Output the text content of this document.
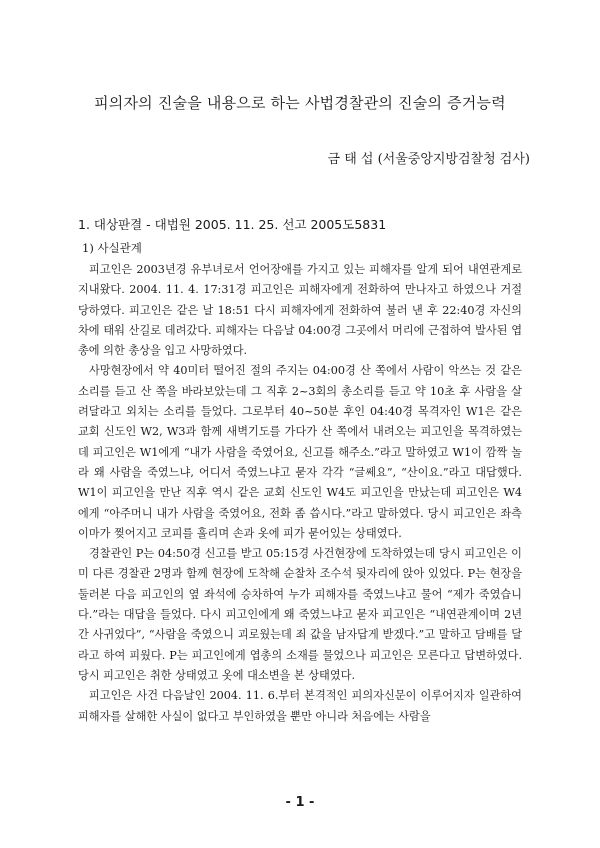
피의자의 진술을 내용으로 하는 사법경찰관의 진술의 증거능력

금 태 섭 (서울중앙지방검찰청 검사)

1. 대상판결 - 대법원 2005. 11. 25. 선고 2005도5831
1) 사실관계

피고인은 2003년경 유부녀로서 언어장애를 가지고 있는 피해자를 알게 되어 내연관계로 지내왔다. 2004. 11. 4. 17:31경 피고인은 피해자에게 전화하여 만나자고 하였으나 거절당하였다. 피고인은 같은 날 18:51 다시 피해자에게 전화하여 불러 낸 후 22:40경 자신의 차에 태워 산길로 데려갔다. 피해자는 다음날 04:00경 그곳에서 머리에 근접하여 발사된 엽총에 의한 총상을 입고 사망하였다.

사망현장에서 약 40미터 떨어진 절의 주지는 04:00경 산 쪽에서 사람이 악쓰는 것 같은 소리를 듣고 산 쪽을 바라보았는데 그 직후 2~3회의 총소리를 듣고 약 10초 후 사람을 살려달라고 외치는 소리를 들었다. 그로부터 40~50분 후인 04:40경 목격자인 W1은 같은 교회 신도인 W2, W3과 함께 새벽기도를 가다가 산 쪽에서 내려오는 피고인을 목격하였는데 피고인은 W1에게 “내가 사람을 죽였어요, 신고를 해주소.”라고 말하였고 W1이 깜짝 놀라 왜 사람을 죽였느냐, 어디서 죽였느냐고 묻자 각각 “글쎄요”, “산이요.”라고 대답했다. W1이 피고인을 만난 직후 역시 같은 교회 신도인 W4도 피고인을 만났는데 피고인은 W4에게 “아주머니 내가 사람을 죽였어요, 전화 좀 씁시다.”라고 말하였다. 당시 피고인은 좌측 이마가 찢어지고 코피를 흘리며 손과 옷에 피가 묻어있는 상태였다.

경찰관인 P는 04:50경 신고를 받고 05:15경 사건현장에 도착하였는데 당시 피고인은 이미 다른 경찰관 2명과 함께 현장에 도착해 순찰차 조수석 뒷자리에 앉아 있었다. P는 현장을 둘러본 다음 피고인의 옆 좌석에 승차하여 누가 피해자를 죽였느냐고 물어 “제가 죽였습니다.”라는 대답을 들었다. 다시 피고인에게 왜 죽였느냐고 묻자 피고인은 “내연관계이며 2년간 사귀었다”, “사람을 죽였으니 괴로웠는데 죄 값을 남자답게 받겠다.”고 말하고 담배를 달라고 하여 피웠다. P는 피고인에게 엽총의 소재를 물었으나 피고인은 모른다고 답변하였다. 당시 피고인은 취한 상태였고 옷에 대소변을 본 상태였다.

피고인은 사건 다음날인 2004. 11. 6.부터 본격적인 피의자신문이 이루어지자 일관하여 피해자를 살해한 사실이 없다고 부인하였을 뿐만 아니라 처음에는 사람을

- 1 -
